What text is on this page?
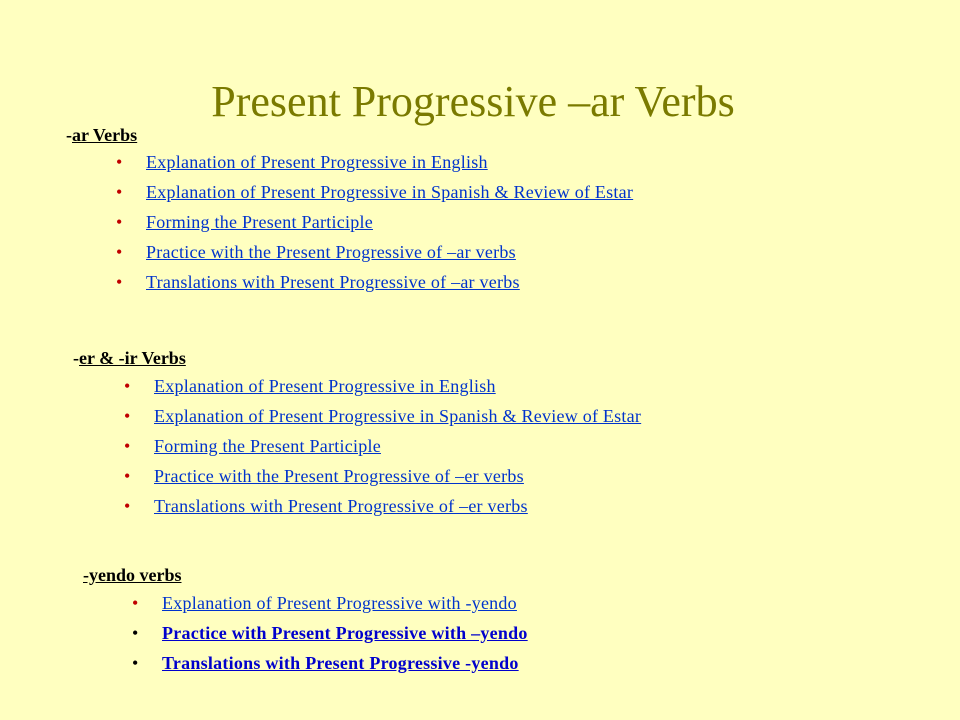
Present Progressive –ar Verbs
-ar Verbs
• Explanation of Present Progressive in English
• Explanation of Present Progressive in Spanish & Review of Estar
• Forming the Present Participle
• Practice with the Present Progressive of –ar verbs
• Translations with Present Progressive of –ar verbs
-er & -ir Verbs
• Explanation of Present Progressive in English
• Explanation of Present Progressive in Spanish & Review of Estar
• Forming the Present Participle
• Practice with the Present Progressive of –er verbs
• Translations with Present Progressive of –er verbs
-yendo verbs
• Explanation of Present Progressive with -yendo
• Practice with Present Progressive with –yendo
• Translations with Present Progressive -yendo
